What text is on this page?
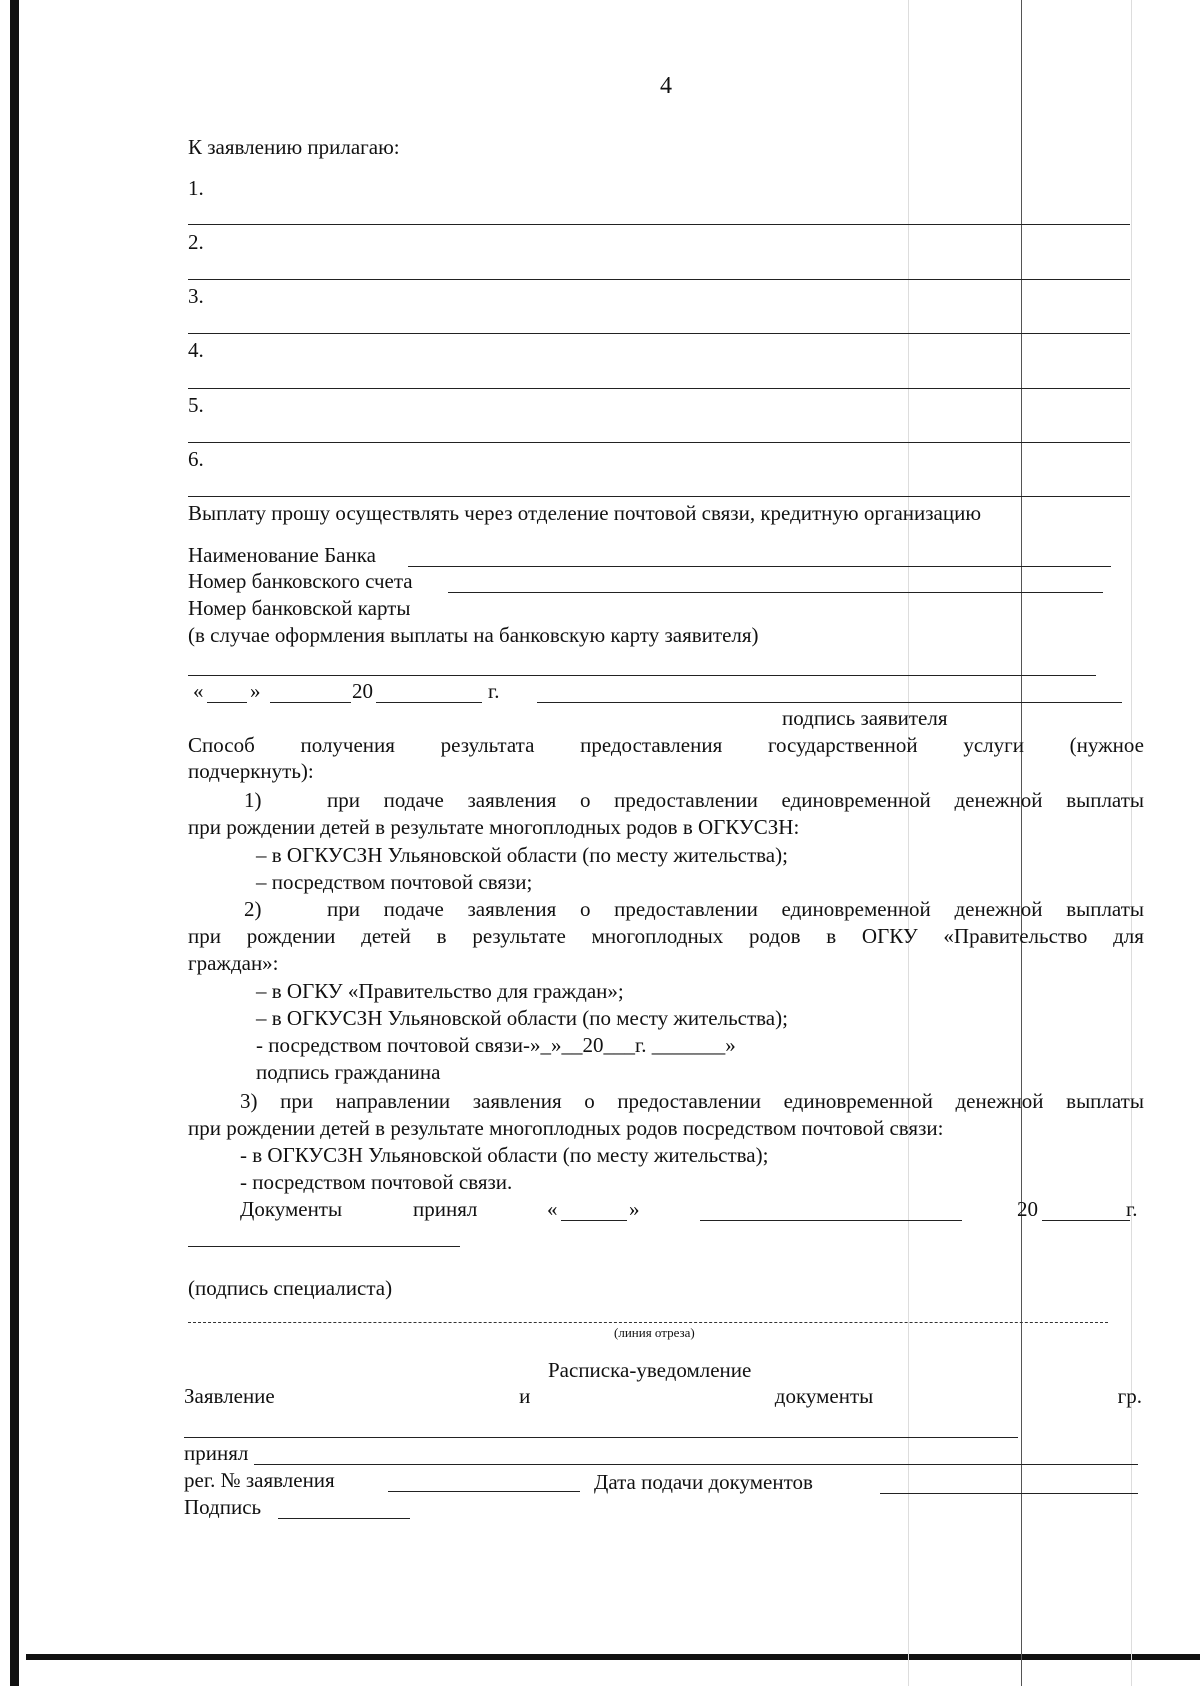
4
К заявлению прилагаю:
1.
2.
3.
4.
5.
6.
Выплату прошу осуществлять через отделение почтовой связи, кредитную организацию
Наименование Банка
Номер банковского счета
Номер банковской карты
(в случае оформления выплаты на банковскую карту заявителя)
« »	20	г.
подпись заявителя
Способ получения результата предоставления государственной услуги (нужное
подчеркнуть):
1)	при подаче заявления о предоставлении единовременной денежной выплаты
при рождении детей в результате многоплодных родов в ОГКУСЗН:
– в ОГКУСЗН Ульяновской области (по месту жительства);
– посредством почтовой связи;
2)	при подаче заявления о предоставлении единовременной денежной выплаты
при рождении детей в результате многоплодных родов в ОГКУ «Правительство для
граждан»:
– в ОГКУ «Правительство для граждан»;
– в ОГКУСЗН Ульяновской области (по месту жительства);
- посредством почтовой связи-»_»__20___г. _______»
подпись гражданина
3) при направлении заявления о предоставлении единовременной денежной выплаты
при рождении детей в результате многоплодных родов посредством почтовой связи:
- в ОГКУСЗН Ульяновской области (по месту жительства);
- посредством почтовой связи.
Документы	принял	«	»	20	г.
(подпись специалиста)
(линия отреза)
Расписка-уведомление
Заявление	и	документы	гр.
принял
рег. № заявления	Дата подачи документов
Подпись
